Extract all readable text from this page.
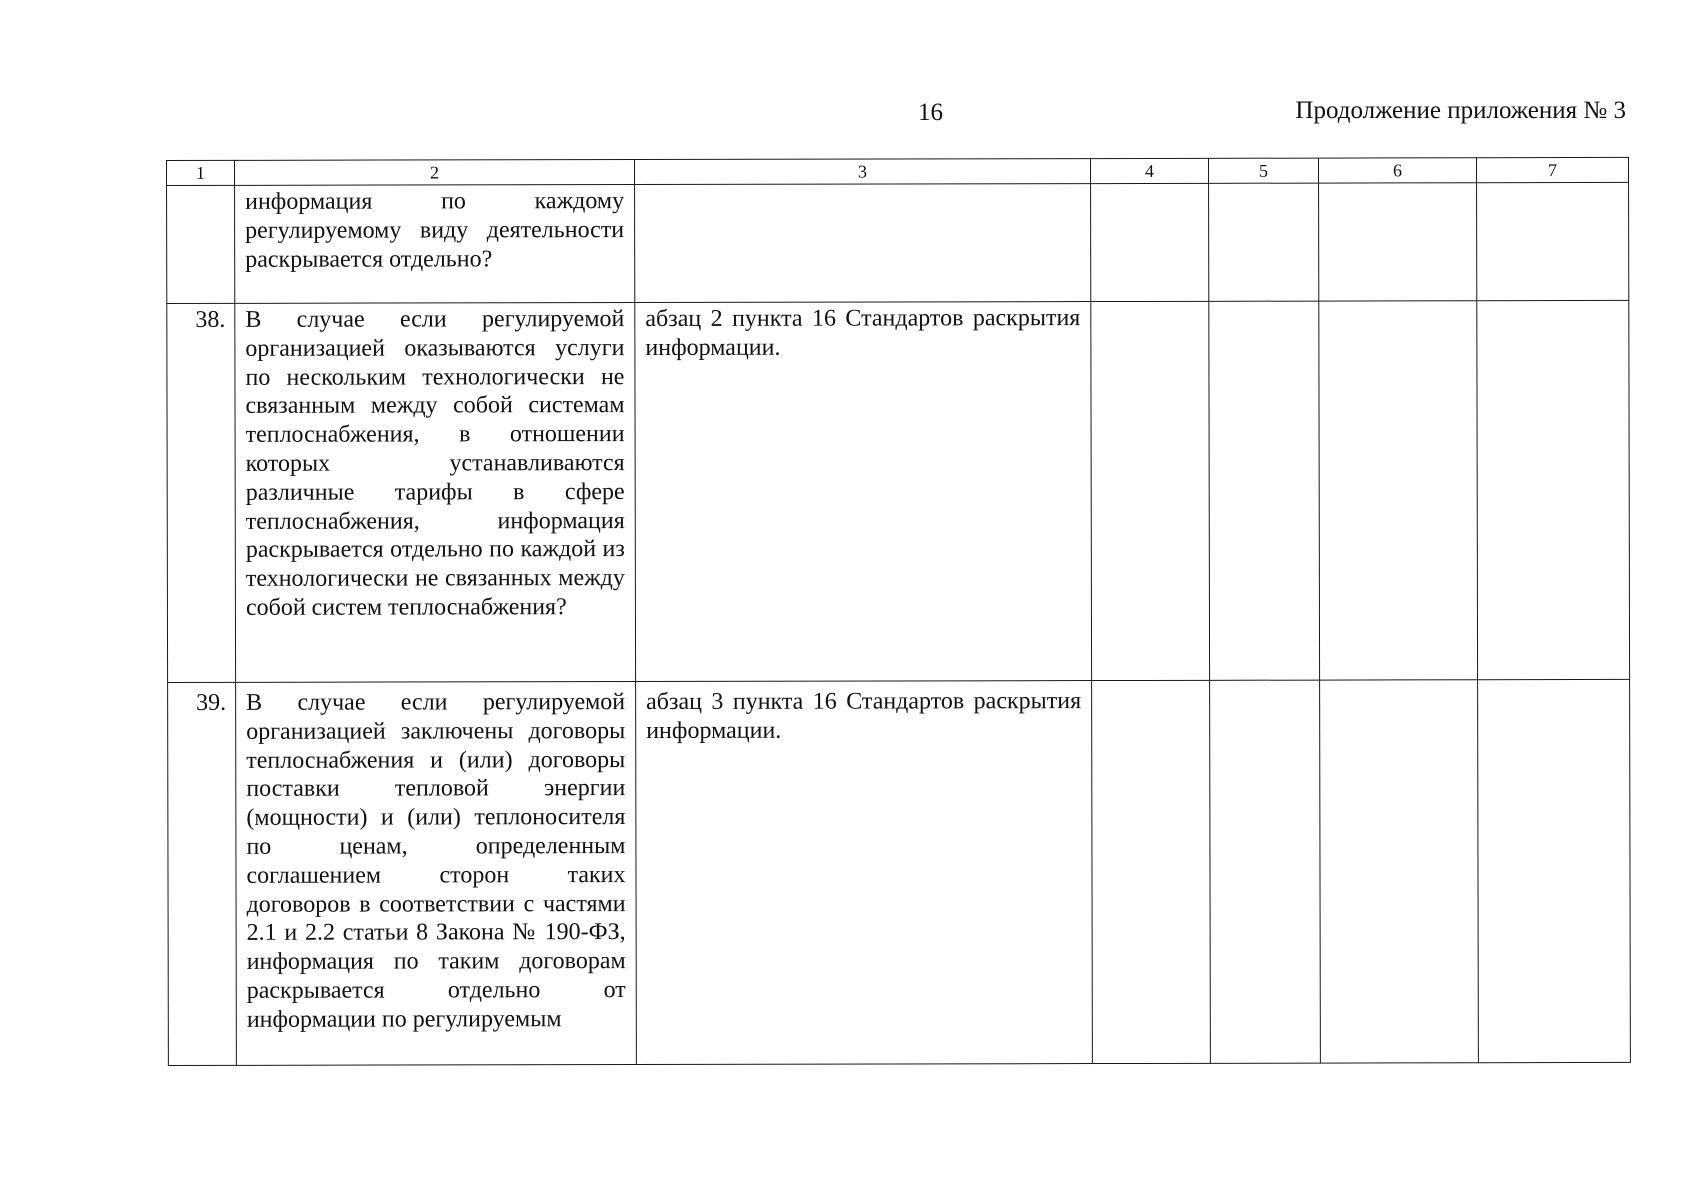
16	Продолжение приложения № 3
1	2	3	4	5	6	7
	информация по каждому регулируемому виду деятельности раскрывается отдельно?					
38.	В случае если регулируемой организацией оказываются услуги по нескольким технологически не связанным между собой системам теплоснабжения, в отношении которых устанавливаются различные тарифы в сфере теплоснабжения, информация раскрывается отдельно по каждой из технологически не связанных между собой систем теплоснабжения?	абзац 2 пункта 16 Стандартов раскрытия информации.				
39.	В случае если регулируемой организацией заключены договоры теплоснабжения и (или) договоры поставки тепловой энергии (мощности) и (или) теплоносителя по ценам, определенным соглашением сторон таких договоров в соответствии с частями 2.1 и 2.2 статьи 8 Закона № 190-ФЗ, информация по таким договорам раскрывается отдельно от информации по регулируемым	абзац 3 пункта 16 Стандартов раскрытия информации.				
